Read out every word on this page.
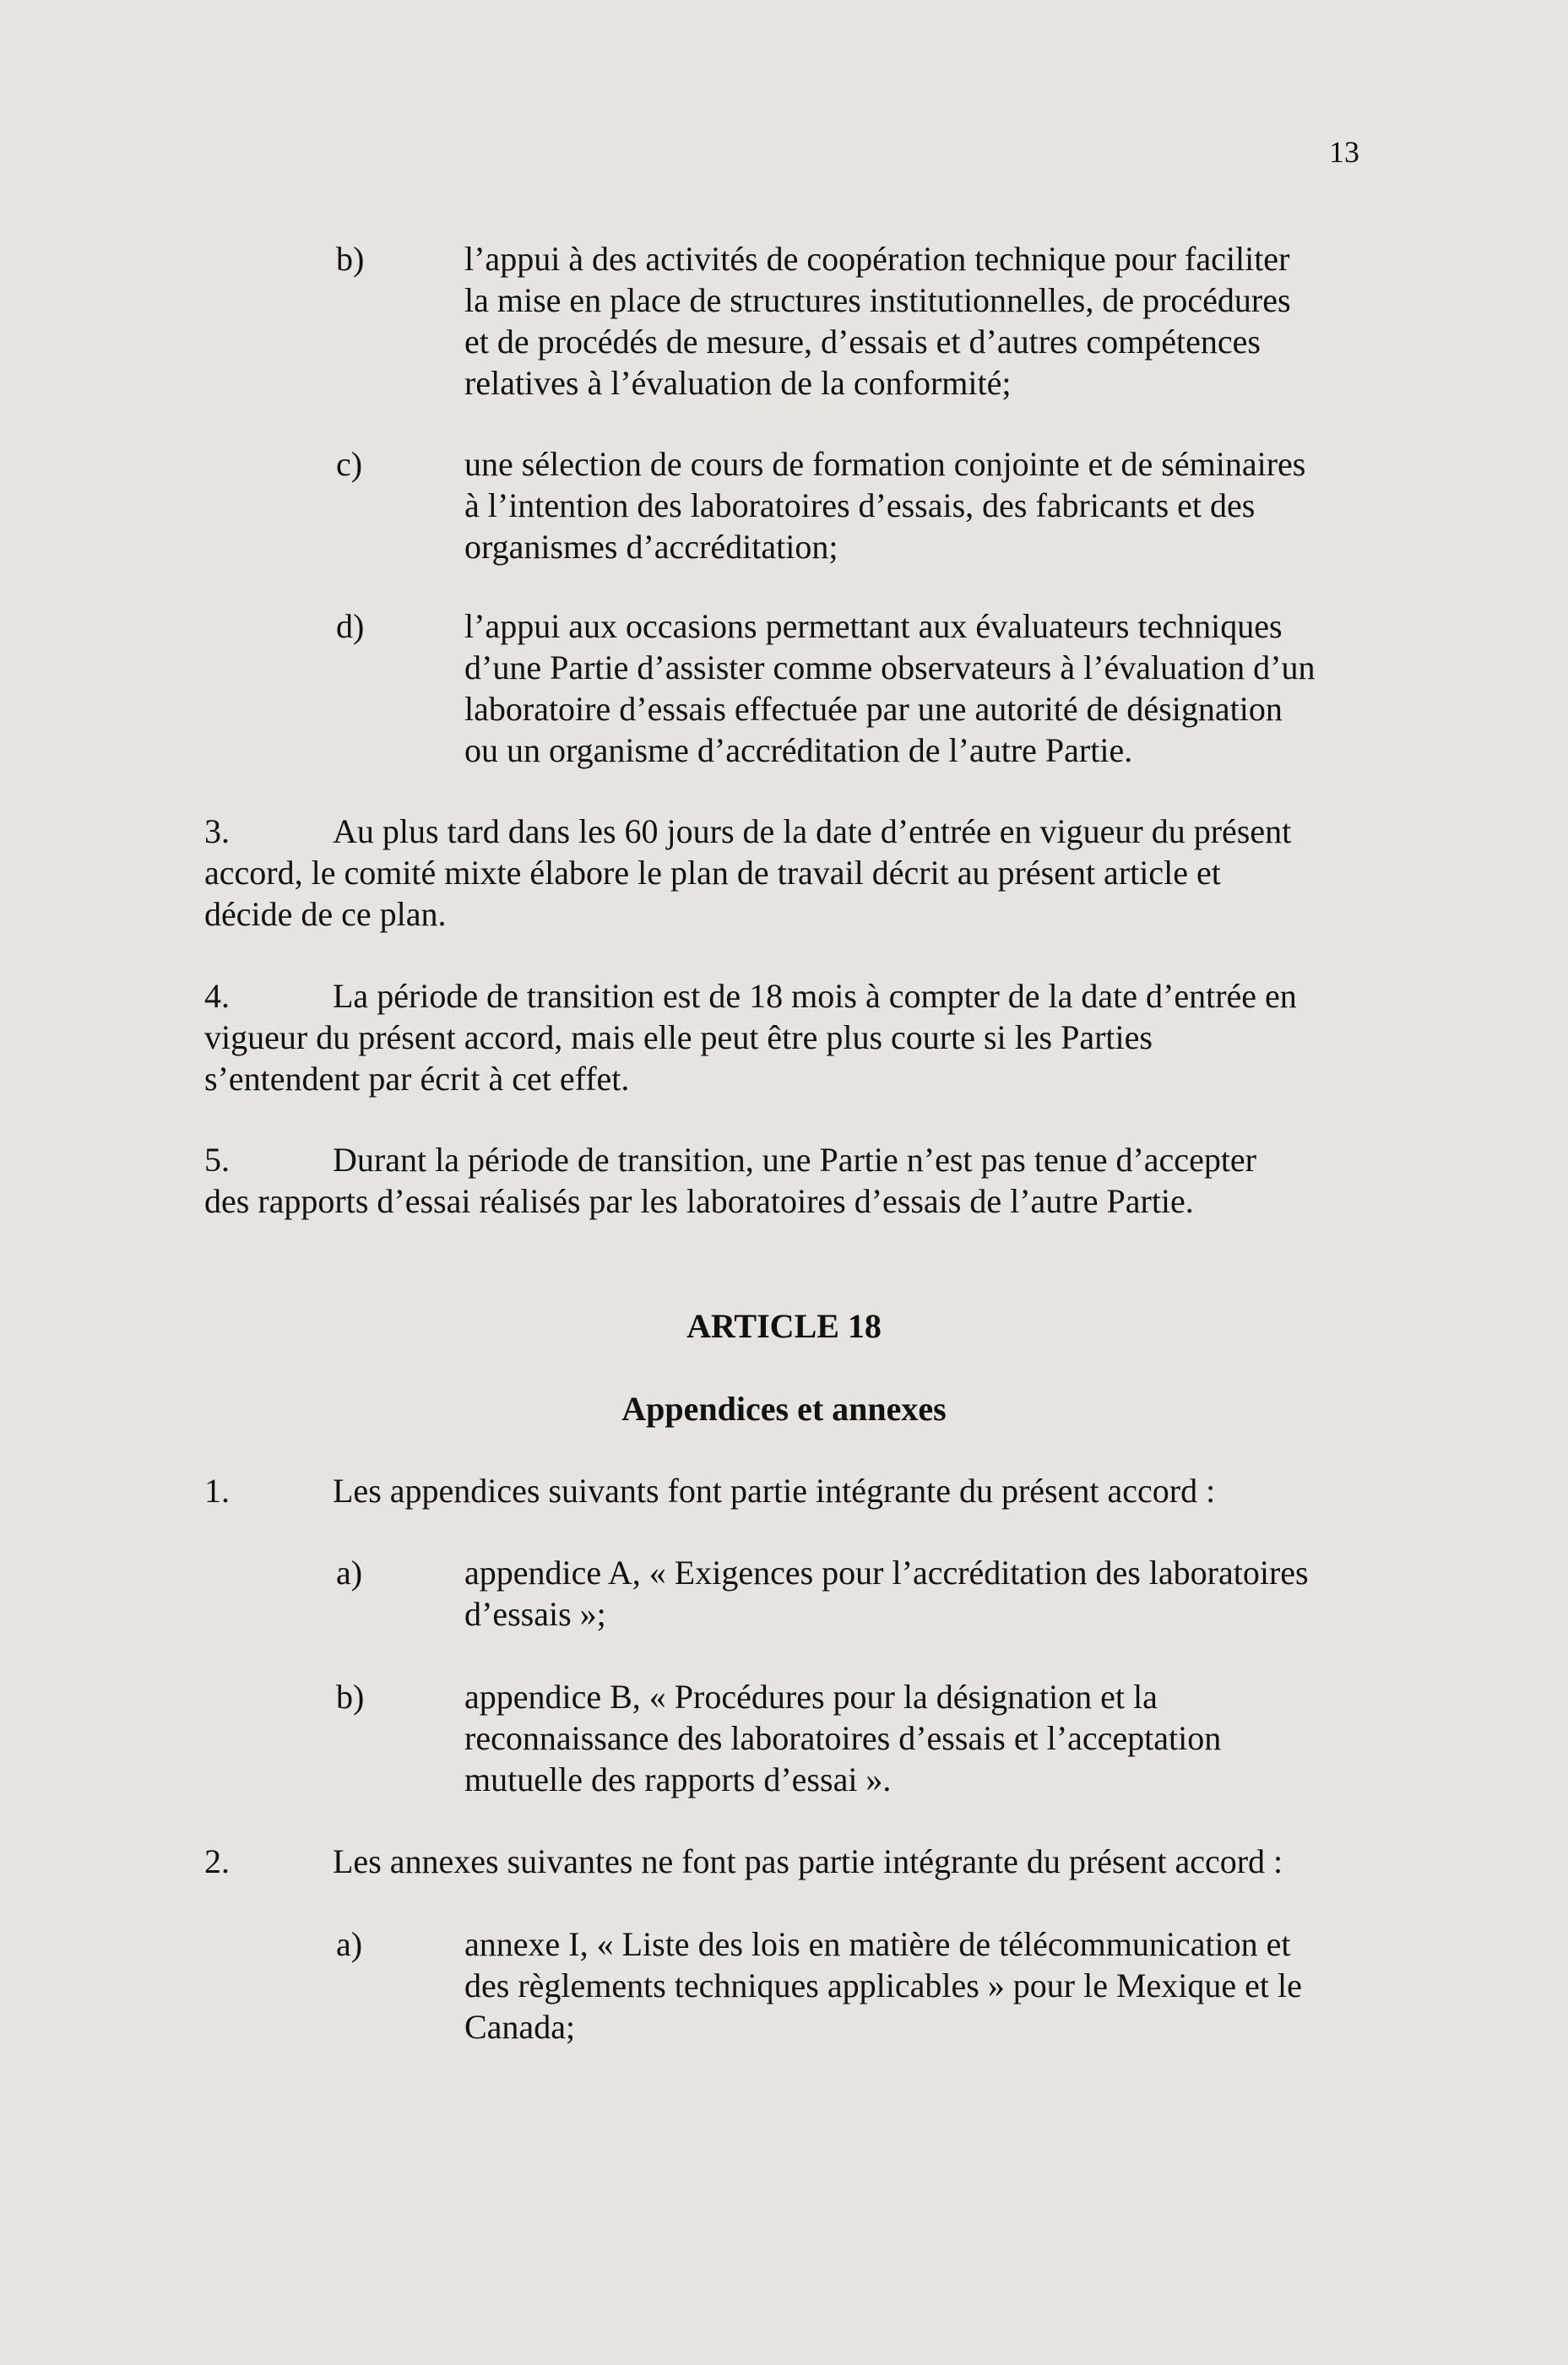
13
b)	l’appui à des activités de coopération technique pour faciliter
la mise en place de structures institutionnelles, de procédures
et de procédés de mesure, d’essais et d’autres compétences
relatives à l’évaluation de la conformité;
c)	une sélection de cours de formation conjointe et de séminaires
à l’intention des laboratoires d’essais, des fabricants et des
organismes d’accréditation;
d)	l’appui aux occasions permettant aux évaluateurs techniques
d’une Partie d’assister comme observateurs à l’évaluation d’un
laboratoire d’essais effectuée par une autorité de désignation
ou un organisme d’accréditation de l’autre Partie.
3.	Au plus tard dans les 60 jours de la date d’entrée en vigueur du présent
accord, le comité mixte élabore le plan de travail décrit au présent article et
décide de ce plan.
4.	La période de transition est de 18 mois à compter de la date d’entrée en
vigueur du présent accord, mais elle peut être plus courte si les Parties
s’entendent par écrit à cet effet.
5.	Durant la période de transition, une Partie n’est pas tenue d’accepter
des rapports d’essai réalisés par les laboratoires d’essais de l’autre Partie.
ARTICLE 18
Appendices et annexes
1.	Les appendices suivants font partie intégrante du présent accord :
a)	appendice A, « Exigences pour l’accréditation des laboratoires
d’essais »;
b)	appendice B, « Procédures pour la désignation et la
reconnaissance des laboratoires d’essais et l’acceptation
mutuelle des rapports d’essai ».
2.	Les annexes suivantes ne font pas partie intégrante du présent accord :
a)	annexe I, « Liste des lois en matière de télécommunication et
des règlements techniques applicables » pour le Mexique et le
Canada;
